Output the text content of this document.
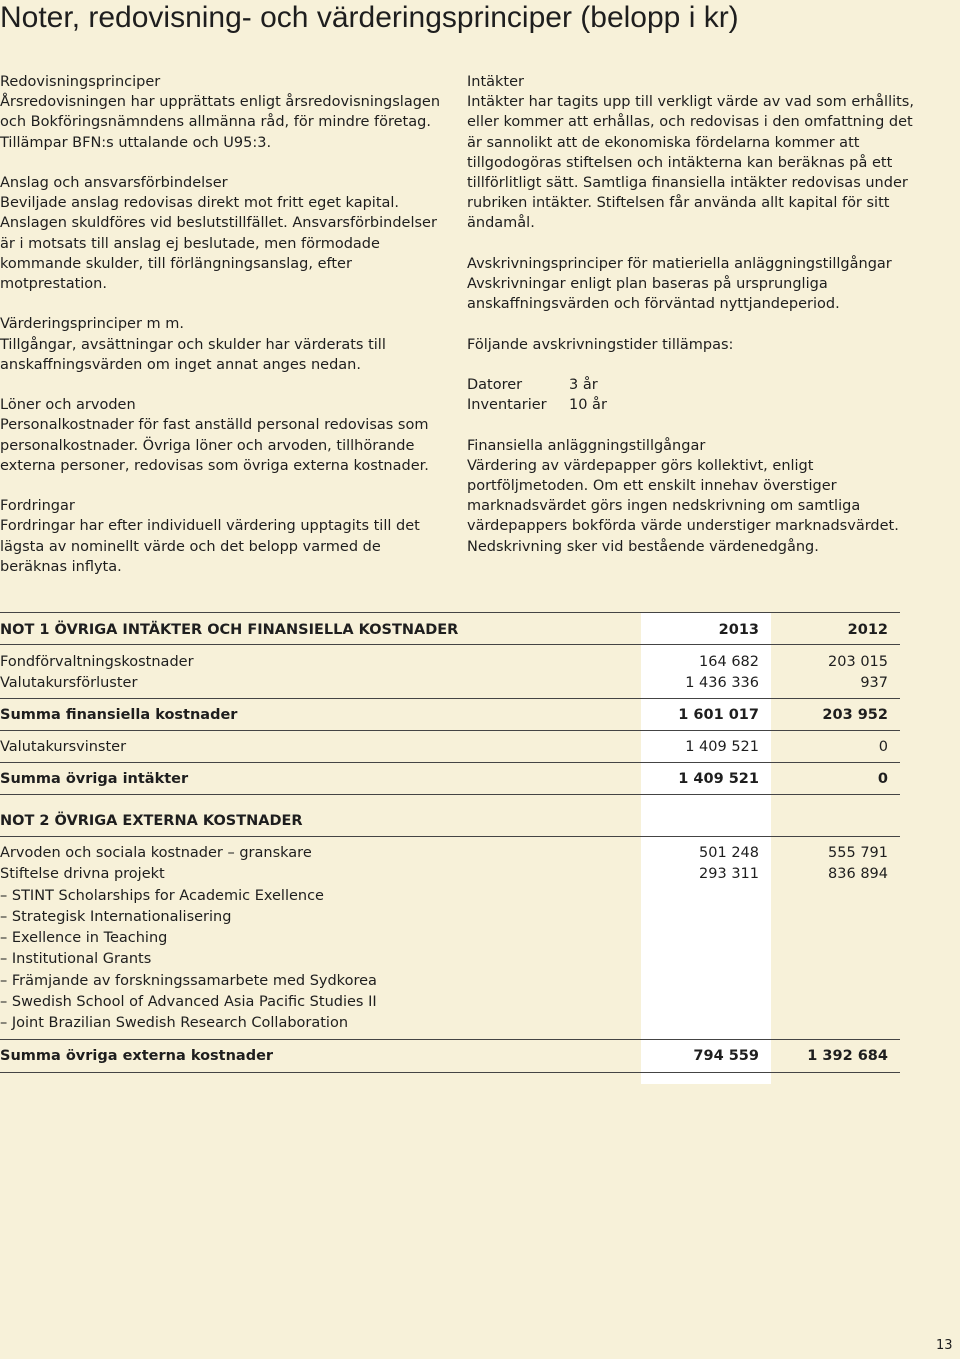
Noter, redovisning- och värderingsprinciper (belopp i kr)

Redovisningsprinciper
Årsredovisningen har upprättats enligt årsredovisningslagen och Bokföringsnämndens allmänna råd, för mindre företag. Tillämpar BFN:s uttalande och U95:3.

Anslag och ansvarsförbindelser
Beviljade anslag redovisas direkt mot fritt eget kapital. Anslagen skuldföres vid beslutstillfället. Ansvarsförbindelser är i motsats till anslag ej beslutade, men förmodade kommande skulder, till förlängningsanslag, efter motprestation.

Värderingsprinciper m m.
Tillgångar, avsättningar och skulder har värderats till anskaffningsvärden om inget annat anges nedan.

Löner och arvoden
Personalkostnader för fast anställd personal redovisas som personalkostnader. Övriga löner och arvoden, tillhörande externa personer, redovisas som övriga externa kostnader.

Fordringar
Fordringar har efter individuell värdering upptagits till det lägsta av nominellt värde och det belopp varmed de beräknas inflyta.

Intäkter
Intäkter har tagits upp till verkligt värde av vad som erhållits, eller kommer att erhållas, och redovisas i den omfattning det är sannolikt att de ekonomiska fördelarna kommer att tillgodogöras stiftelsen och intäkterna kan beräknas på ett tillförlitligt sätt. Samtliga finansiella intäkter redovisas under rubriken intäkter. Stiftelsen får använda allt kapital för sitt ändamål.

Avskrivningsprinciper för matieriella anläggningstillgångar
Avskrivningar enligt plan baseras på ursprungliga anskaffningsvärden och förväntad nyttjandeperiod.

Följande avskrivningstider tillämpas:

Datorer	3 år
Inventarier	10 år

Finansiella anläggningstillgångar
Värdering av värdepapper görs kollektivt, enligt portföljmetoden. Om ett enskilt innehav överstiger marknadsvärdet görs ingen nedskrivning om samtliga värdepappers bokförda värde understiger marknadsvärdet. Nedskrivning sker vid bestående värdenedgång.

NOT 1 ÖVRIGA INTÄKTER OCH FINANSIELLA KOSTNADER	2013	2012
Fondförvaltningskostnader	164 682	203 015
Valutakursförluster	1 436 336	937
Summa finansiella kostnader	1 601 017	203 952
Valutakursvinster	1 409 521	0
Summa övriga intäkter	1 409 521	0
NOT 2 ÖVRIGA EXTERNA KOSTNADER
Arvoden och sociala kostnader – granskare	501 248	555 791
Stiftelse drivna projekt	293 311	836 894
– STINT Scholarships for Academic Exellence
– Strategisk Internationalisering
– Exellence in Teaching
– Institutional Grants
– Främjande av forskningssamarbete med Sydkorea
– Swedish School of Advanced Asia Pacific Studies II
– Joint Brazilian Swedish Research Collaboration
Summa övriga externa kostnader	794 559	1 392 684
13
